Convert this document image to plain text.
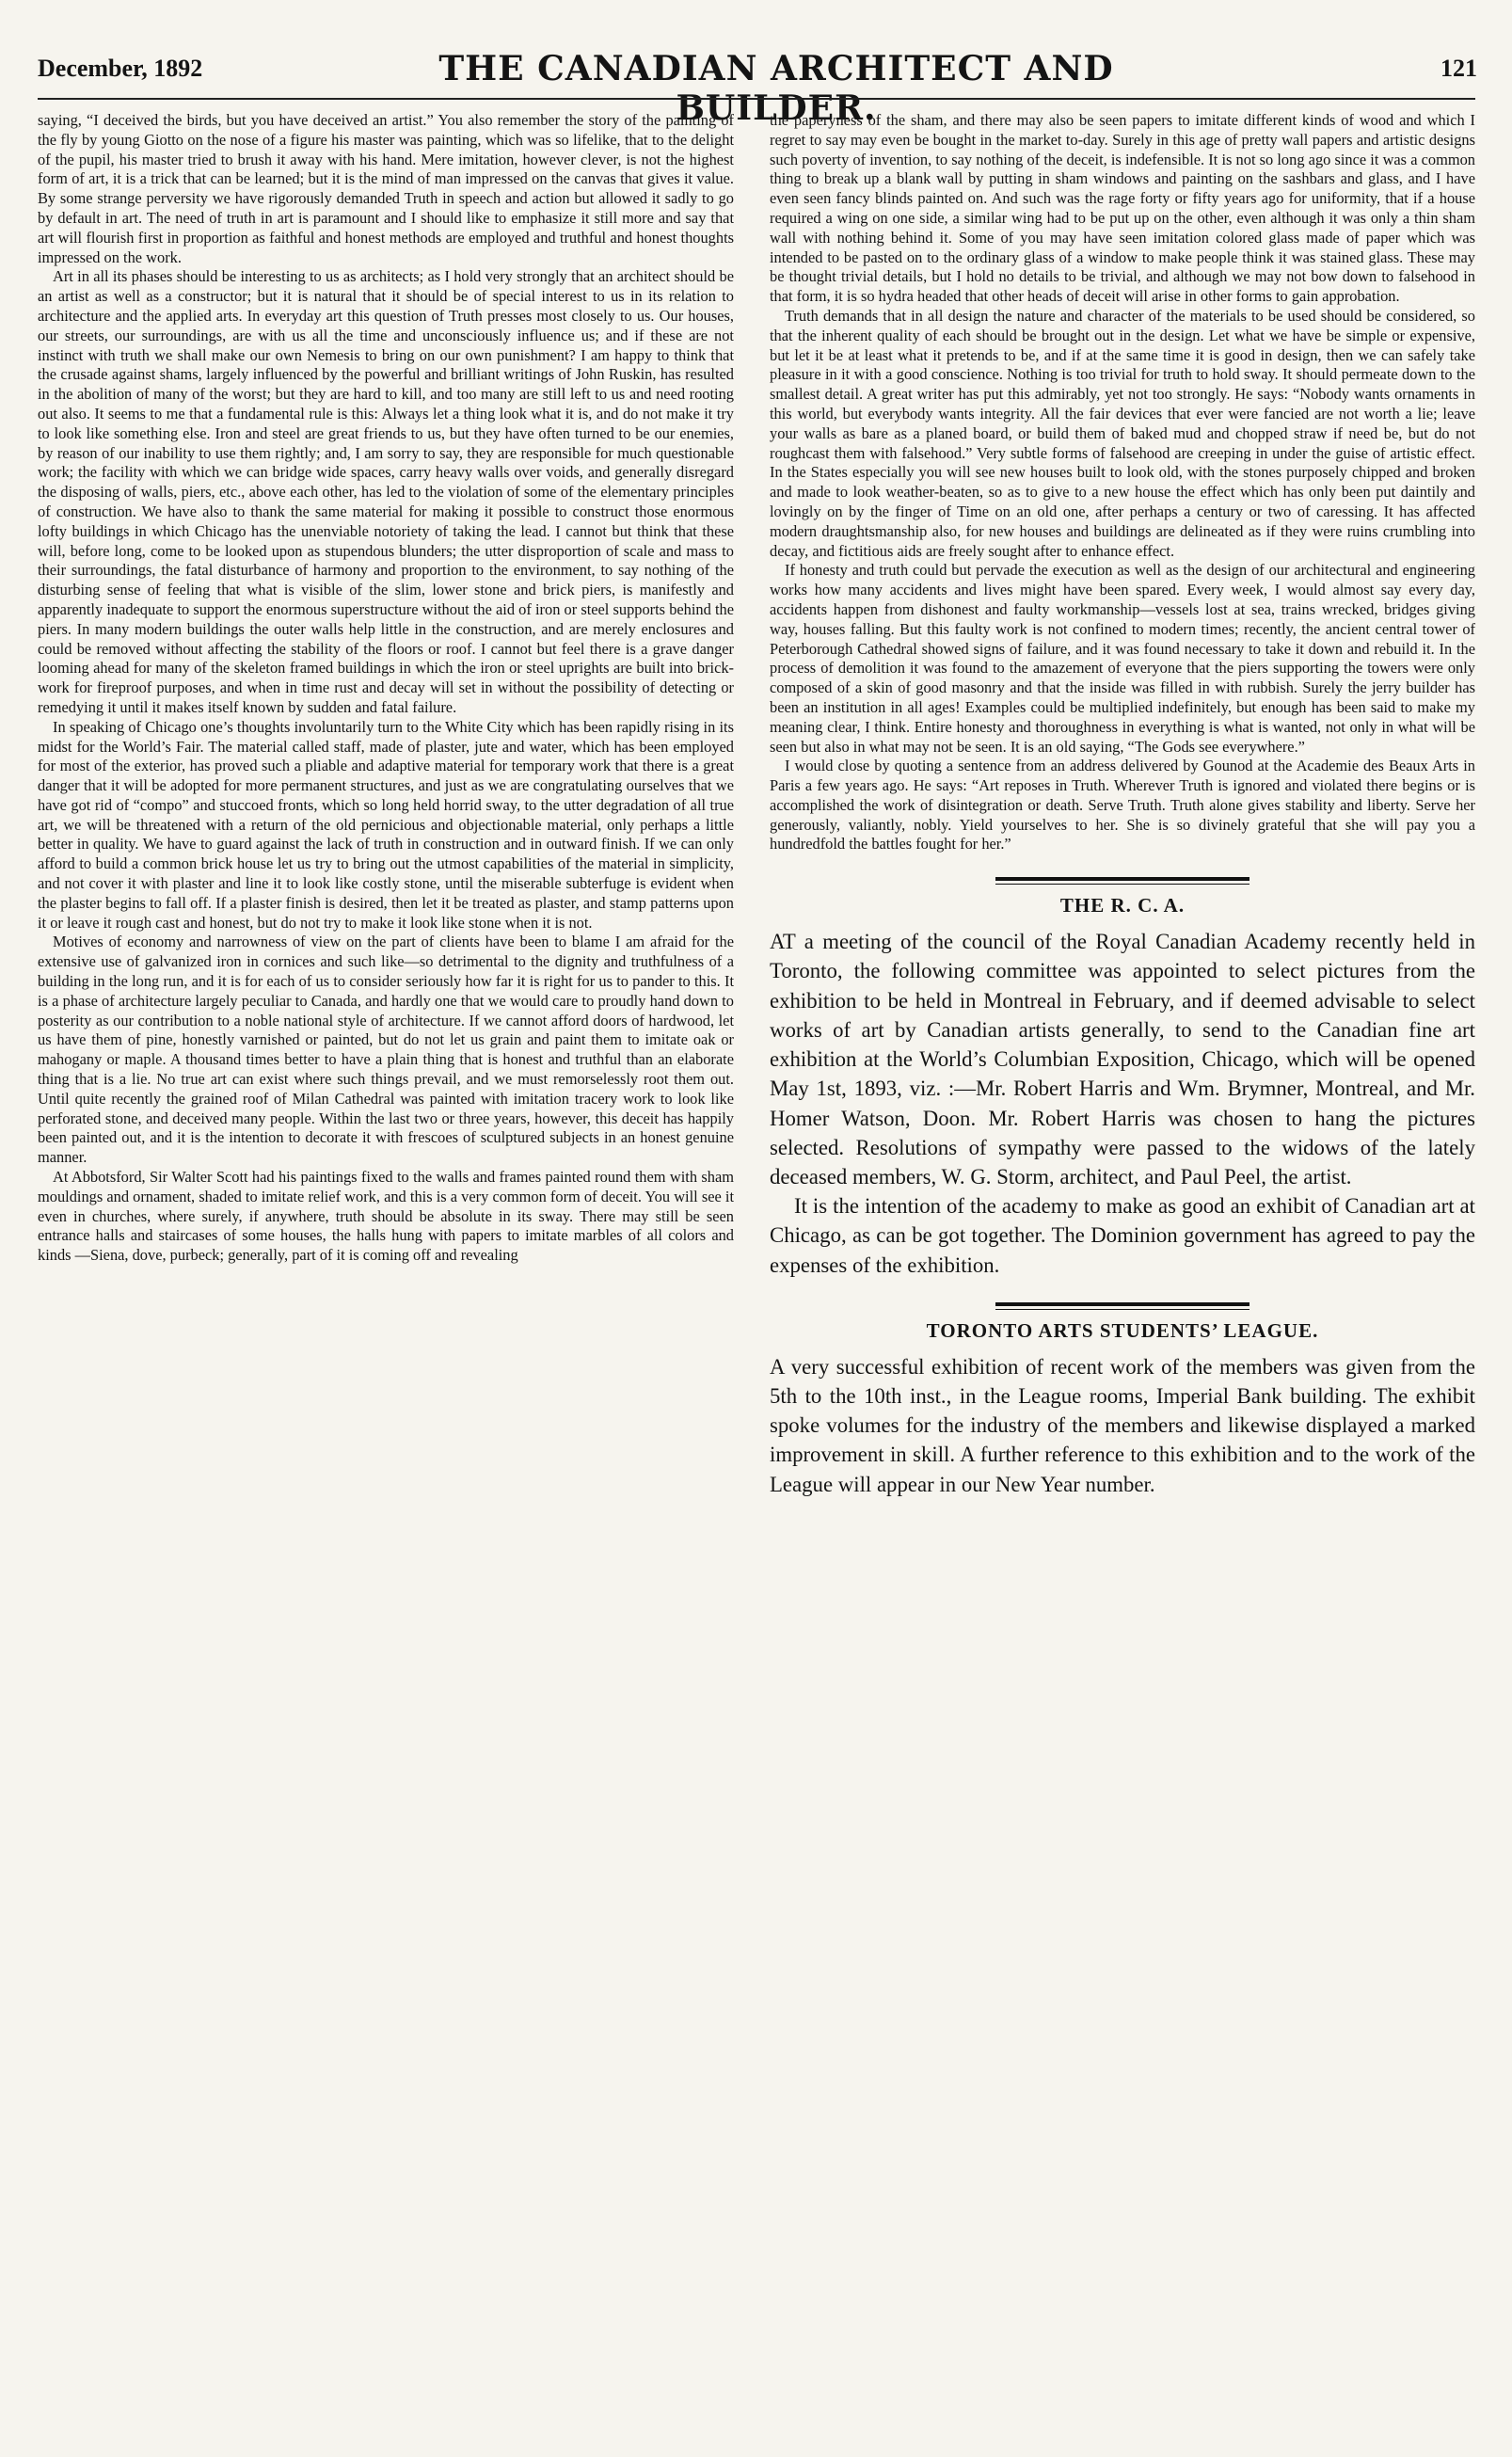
December, 1892	THE CANADIAN ARCHITECT AND BUILDER.
121

saying, “I deceived the birds, but you have deceived an artist.” You also remember the story of the painting of the fly by young Giotto on the nose of a figure his master was painting, which was so lifelike, that to the delight of the pupil, his master tried to brush it away with his hand. Mere imitation, however clever, is not the highest form of art, it is a trick that can be learned; but it is the mind of man impressed on the canvas that gives it value. By some strange perversity we have rigorously demanded Truth in speech and action but allowed it sadly to go by default in art. The need of truth in art is paramount and I should like to emphasize it still more and say that art will flourish first in proportion as faithful and honest methods are employed and truthful and honest thoughts impressed on the work.

Art in all its phases should be interesting to us as architects; as I hold very strongly that an architect should be an artist as well as a constructor; but it is natural that it should be of special interest to us in its relation to architecture and the applied arts. In everyday art this question of Truth presses most closely to us. Our houses, our streets, our surroundings, are with us all the time and unconsciously influence us; and if these are not instinct with truth we shall make our own Nemesis to bring on our own punishment? I am happy to think that the crusade against shams, largely influenced by the powerful and brilliant writings of John Ruskin, has resulted in the abolition of many of the worst; but they are hard to kill, and too many are still left to us and need rooting out also. It seems to me that a fundamental rule is this: Always let a thing look what it is, and do not make it try to look like something else. Iron and steel are great friends to us, but they have often turned to be our enemies, by reason of our inability to use them rightly; and, I am sorry to say, they are responsible for much questionable work; the facility with which we can bridge wide spaces, carry heavy walls over voids, and generally disregard the disposing of walls, piers, etc., above each other, has led to the violation of some of the elementary principles of construction. We have also to thank the same material for making it possible to construct those enormous lofty buildings in which Chicago has the unenviable notoriety of taking the lead. I cannot but think that these will, before long, come to be looked upon as stupendous blunders; the utter disproportion of scale and mass to their surroundings, the fatal disturbance of harmony and proportion to the environment, to say nothing of the disturbing sense of feeling that what is visible of the slim, lower stone and brick piers, is manifestly and apparently inadequate to support the enormous superstructure without the aid of iron or steel supports behind the piers. In many modern buildings the outer walls help little in the construction, and are merely enclosures and could be removed without affecting the stability of the floors or roof. I cannot but feel there is a grave danger looming ahead for many of the skeleton framed buildings in which the iron or steel uprights are built into brick-work for fireproof purposes, and when in time rust and decay will set in without the possibility of detecting or remedying it until it makes itself known by sudden and fatal failure.

In speaking of Chicago one’s thoughts involuntarily turn to the White City which has been rapidly rising in its midst for the World’s Fair. The material called staff, made of plaster, jute and water, which has been employed for most of the exterior, has proved such a pliable and adaptive material for temporary work that there is a great danger that it will be adopted for more permanent structures, and just as we are congratulating ourselves that we have got rid of “compo” and stuccoed fronts, which so long held horrid sway, to the utter degradation of all true art, we will be threatened with a return of the old pernicious and objectionable material, only perhaps a little better in quality. We have to guard against the lack of truth in construction and in outward finish. If we can only afford to build a common brick house let us try to bring out the utmost capabilities of the material in simplicity, and not cover it with plaster and line it to look like costly stone, until the miserable subterfuge is evident when the plaster begins to fall off. If a plaster finish is desired, then let it be treated as plaster, and stamp patterns upon it or leave it rough cast and honest, but do not try to make it look like stone when it is not.

Motives of economy and narrowness of view on the part of clients have been to blame I am afraid for the extensive use of galvanized iron in cornices and such like—so detrimental to the dignity and truthfulness of a building in the long run, and it is for each of us to consider seriously how far it is right for us to pander to this. It is a phase of architecture largely peculiar to Canada, and hardly one that we would care to proudly hand down to posterity as our contribution to a noble national style of architecture. If we cannot afford doors of hardwood, let us have them of pine, honestly varnished or painted, but do not let us grain and paint them to imitate oak or mahogany or maple. A thousand times better to have a plain thing that is honest and truthful than an elaborate thing that is a lie. No true art can exist where such things prevail, and we must remorselessly root them out. Until quite recently the grained roof of Milan Cathedral was painted with imitation tracery work to look like perforated stone, and deceived many people. Within the last two or three years, however, this deceit has happily been painted out, and it is the intention to decorate it with frescoes of sculptured subjects in an honest genuine manner.

At Abbotsford, Sir Walter Scott had his paintings fixed to the walls and frames painted round them with sham mouldings and ornament, shaded to imitate relief work, and this is a very common form of deceit. You will see it even in churches, where surely, if anywhere, truth should be absolute in its sway. There may still be seen entrance halls and staircases of some houses, the halls hung with papers to imitate marbles of all colors and kinds —Siena, dove, purbeck; generally, part of it is coming off and revealing

the paperyness of the sham, and there may also be seen papers to imitate different kinds of wood and which I regret to say may even be bought in the market to-day. Surely in this age of pretty wall papers and artistic designs such poverty of invention, to say nothing of the deceit, is indefensible. It is not so long ago since it was a common thing to break up a blank wall by putting in sham windows and painting on the sashbars and glass, and I have even seen fancy blinds painted on. And such was the rage forty or fifty years ago for uniformity, that if a house required a wing on one side, a similar wing had to be put up on the other, even although it was only a thin sham wall with nothing behind it. Some of you may have seen imitation colored glass made of paper which was intended to be pasted on to the ordinary glass of a window to make people think it was stained glass. These may be thought trivial details, but I hold no details to be trivial, and although we may not bow down to falsehood in that form, it is so hydra headed that other heads of deceit will arise in other forms to gain approbation.

Truth demands that in all design the nature and character of the materials to be used should be considered, so that the inherent quality of each should be brought out in the design. Let what we have be simple or expensive, but let it be at least what it pretends to be, and if at the same time it is good in design, then we can safely take pleasure in it with a good conscience. Nothing is too trivial for truth to hold sway. It should permeate down to the smallest detail. A great writer has put this admirably, yet not too strongly. He says: “Nobody wants ornaments in this world, but everybody wants integrity. All the fair devices that ever were fancied are not worth a lie; leave your walls as bare as a planed board, or build them of baked mud and chopped straw if need be, but do not roughcast them with falsehood.” Very subtle forms of falsehood are creeping in under the guise of artistic effect. In the States especially you will see new houses built to look old, with the stones purposely chipped and broken and made to look weather-beaten, so as to give to a new house the effect which has only been put daintily and lovingly on by the finger of Time on an old one, after perhaps a century or two of caressing. It has affected modern draughtsmanship also, for new houses and buildings are delineated as if they were ruins crumbling into decay, and fictitious aids are freely sought after to enhance effect.

If honesty and truth could but pervade the execution as well as the design of our architectural and engineering works how many accidents and lives might have been spared. Every week, I would almost say every day, accidents happen from dishonest and faulty workmanship—vessels lost at sea, trains wrecked, bridges giving way, houses falling. But this faulty work is not confined to modern times; recently, the ancient central tower of Peterborough Cathedral showed signs of failure, and it was found necessary to take it down and rebuild it. In the process of demolition it was found to the amazement of everyone that the piers supporting the towers were only composed of a skin of good masonry and that the inside was filled in with rubbish. Surely the jerry builder has been an institution in all ages! Examples could be multiplied indefinitely, but enough has been said to make my meaning clear, I think. Entire honesty and thoroughness in everything is what is wanted, not only in what will be seen but also in what may not be seen. It is an old saying, “The Gods see everywhere.”

I would close by quoting a sentence from an address delivered by Gounod at the Academie des Beaux Arts in Paris a few years ago. He says: “Art reposes in Truth. Wherever Truth is ignored and violated there begins or is accomplished the work of disintegration or death. Serve Truth. Truth alone gives stability and liberty. Serve her generously, valiantly, nobly. Yield yourselves to her. She is so divinely grateful that she will pay you a hundredfold the battles fought for her.”

THE R. C. A.

AT a meeting of the council of the Royal Canadian Academy recently held in Toronto, the following committee was appointed to select pictures from the exhibition to be held in Montreal in February, and if deemed advisable to select works of art by Canadian artists generally, to send to the Canadian fine art exhibition at the World’s Columbian Exposition, Chicago, which will be opened May 1st, 1893, viz. :—Mr. Robert Harris and Wm. Brymner, Montreal, and Mr. Homer Watson, Doon. Mr. Robert Harris was chosen to hang the pictures selected. Resolutions of sympathy were passed to the widows of the lately deceased members, W. G. Storm, architect, and Paul Peel, the artist.

It is the intention of the academy to make as good an exhibit of Canadian art at Chicago, as can be got together. The Dominion government has agreed to pay the expenses of the exhibition.

TORONTO ARTS STUDENTS’ LEAGUE.

A very successful exhibition of recent work of the members was given from the 5th to the 10th inst., in the League rooms, Imperial Bank building. The exhibit spoke volumes for the industry of the members and likewise displayed a marked improvement in skill. A further reference to this exhibition and to the work of the League will appear in our New Year number.
